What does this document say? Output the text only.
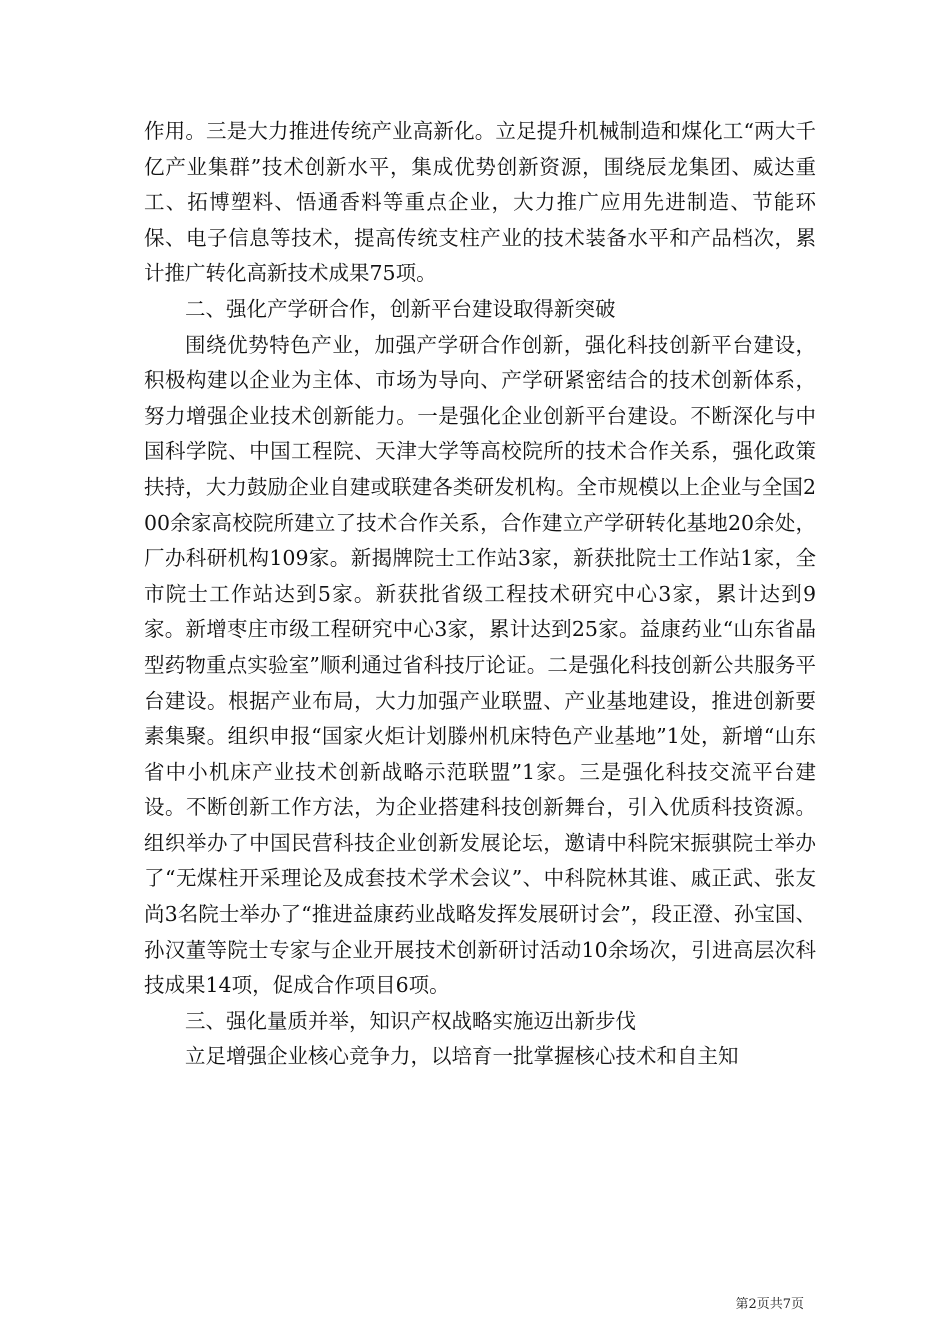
作用。三是大力推进传统产业高新化。立足提升机械制造和煤化工“两大千亿产业集群”技术创新水平，集成优势创新资源，围绕辰龙集团、威达重工、拓博塑料、悟通香料等重点企业，大力推广应用先进制造、节能环保、电子信息等技术，提高传统支柱产业的技术装备水平和产品档次，累计推广转化高新技术成果75项。

二、强化产学研合作，创新平台建设取得新突破

围绕优势特色产业，加强产学研合作创新，强化科技创新平台建设，积极构建以企业为主体、市场为导向、产学研紧密结合的技术创新体系，努力增强企业技术创新能力。一是强化企业创新平台建设。不断深化与中国科学院、中国工程院、天津大学等高校院所的技术合作关系，强化政策扶持，大力鼓励企业自建或联建各类研发机构。全市规模以上企业与全国200余家高校院所建立了技术合作关系，合作建立产学研转化基地20余处，厂办科研机构109家。新揭牌院士工作站3家，新获批院士工作站1家，全市院士工作站达到5家。新获批省级工程技术研究中心3家，累计达到9家。新增枣庄市级工程研究中心3家，累计达到25家。益康药业“山东省晶型药物重点实验室”顺利通过省科技厅论证。二是强化科技创新公共服务平台建设。根据产业布局，大力加强产业联盟、产业基地建设，推进创新要素集聚。组织申报“国家火炬计划滕州机床特色产业基地”1处，新增“山东省中小机床产业技术创新战略示范联盟”1家。三是强化科技交流平台建设。不断创新工作方法，为企业搭建科技创新舞台，引入优质科技资源。组织举办了中国民营科技企业创新发展论坛，邀请中科院宋振骐院士举办了“无煤柱开采理论及成套技术学术会议”、中科院林其谁、戚正武、张友尚3名院士举办了“推进益康药业战略发挥发展研讨会”，段正澄、孙宝国、孙汉董等院士专家与企业开展技术创新研讨活动10余场次，引进高层次科技成果14项，促成合作项目6项。

三、强化量质并举，知识产权战略实施迈出新步伐

立足增强企业核心竞争力，以培育一批掌握核心技术和自主知

第2页共7页
